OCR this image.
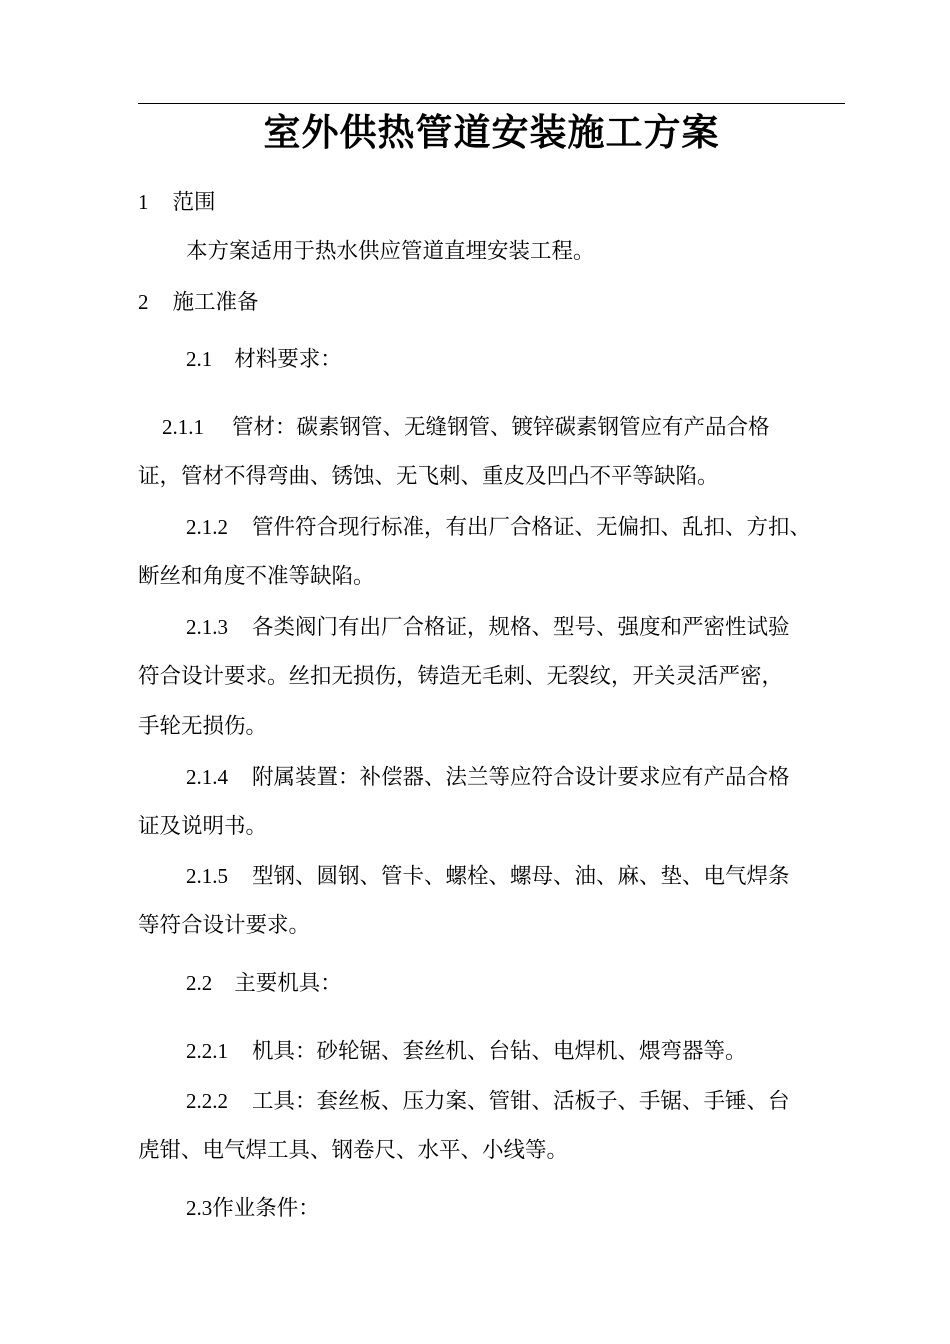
室外供热管道安装施工方案
1 范围
本方案适用于热水供应管道直埋安装工程。
2 施工准备
2.1 材料要求：
2.1.1 管材：碳素钢管、无缝钢管、镀锌碳素钢管应有产品合格
证，管材不得弯曲、锈蚀、无飞刺、重皮及凹凸不平等缺陷。
2.1.2 管件符合现行标准，有出厂合格证、无偏扣、乱扣、方扣、
断丝和角度不准等缺陷。
2.1.3 各类阀门有出厂合格证，规格、型号、强度和严密性试验
符合设计要求。丝扣无损伤，铸造无毛刺、无裂纹，开关灵活严密，
手轮无损伤。
2.1.4 附属装置：补偿器、法兰等应符合设计要求应有产品合格
证及说明书。
2.1.5 型钢、圆钢、管卡、螺栓、螺母、油、麻、垫、电气焊条
等符合设计要求。
2.2 主要机具：
2.2.1 机具：砂轮锯、套丝机、台钻、电焊机、煨弯器等。
2.2.2 工具：套丝板、压力案、管钳、活板子、手锯、手锤、台
虎钳、电气焊工具、钢卷尺、水平、小线等。
2.3作业条件：
